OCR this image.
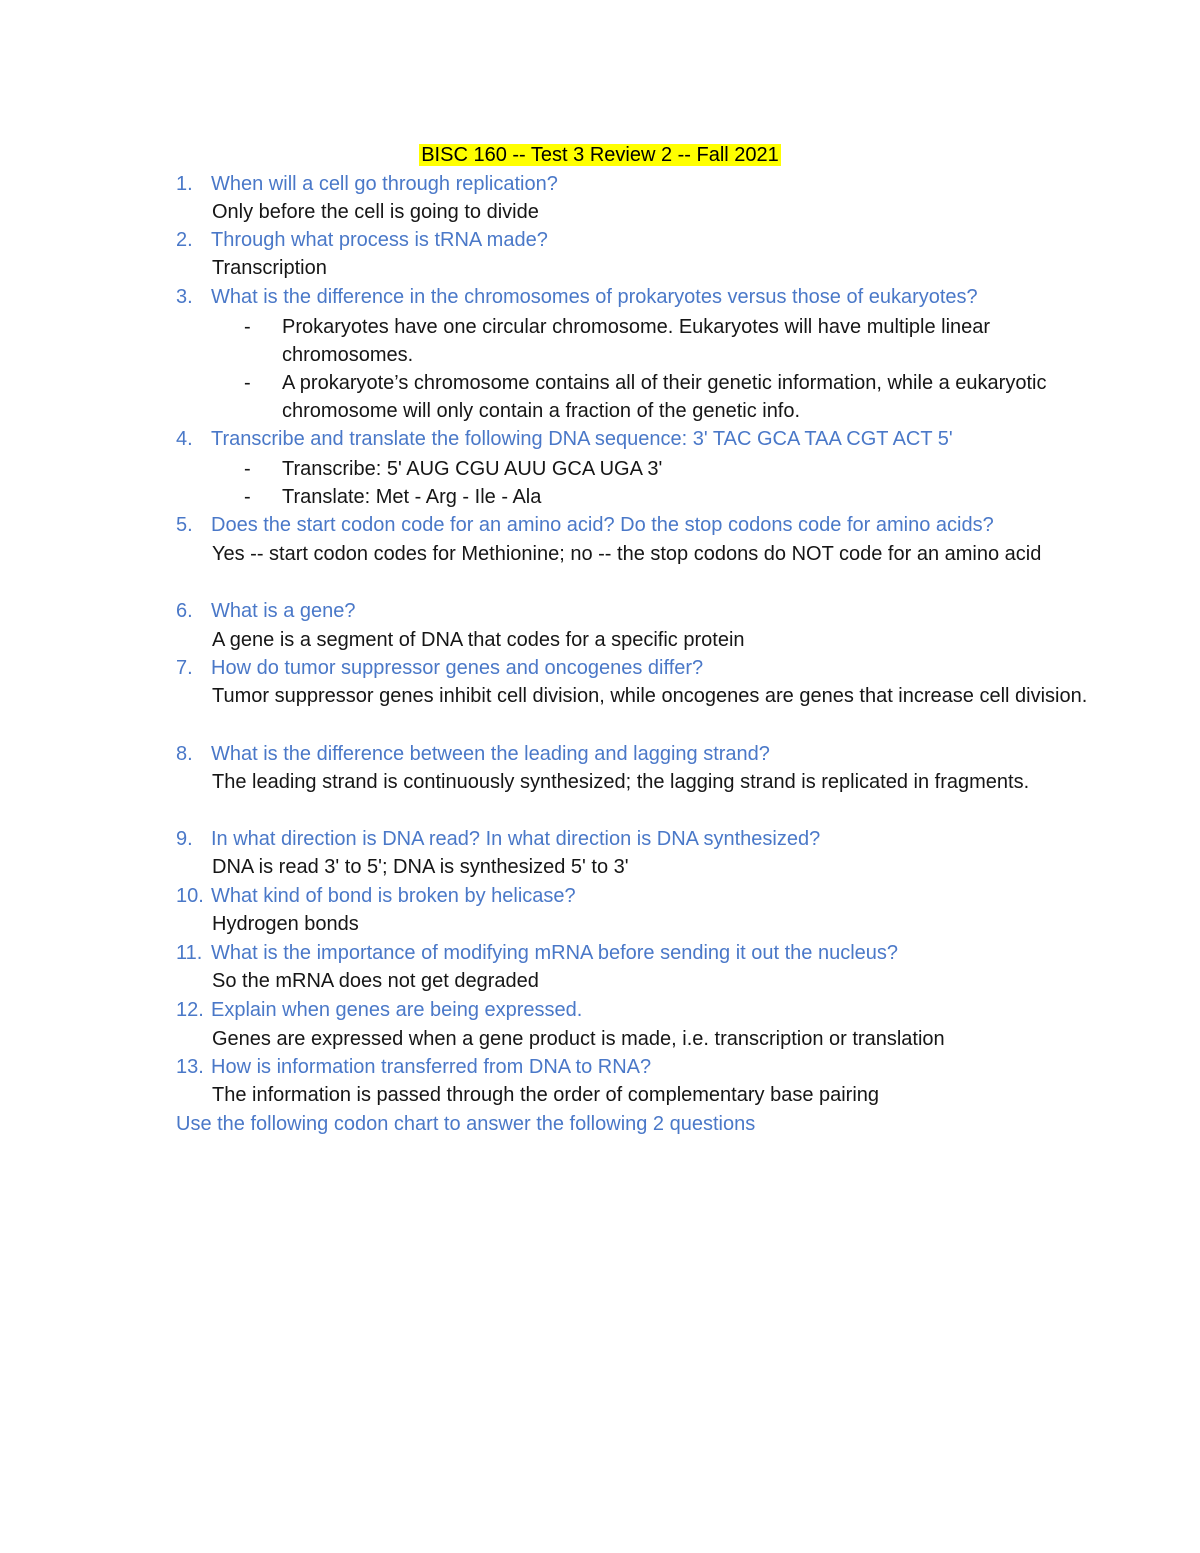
BISC 160 -- Test 3 Review 2 -- Fall 2021
1. When will a cell go through replication?
Only before the cell is going to divide
2. Through what process is tRNA made?
Transcription
3. What is the difference in the chromosomes of prokaryotes versus those of eukaryotes?
-	Prokaryotes have one circular chromosome. Eukaryotes will have multiple linear chromosomes.
-	A prokaryote’s chromosome contains all of their genetic information, while a eukaryotic chromosome will only contain a fraction of the genetic info.
4. Transcribe and translate the following DNA sequence: 3' TAC GCA TAA CGT ACT 5'
-	Transcribe: 5' AUG CGU AUU GCA UGA 3'
-	Translate: Met - Arg - Ile - Ala
5. Does the start codon code for an amino acid? Do the stop codons code for amino acids?
Yes -- start codon codes for Methionine; no -- the stop codons do NOT code for an amino acid
6. What is a gene?
A gene is a segment of DNA that codes for a specific protein
7. How do tumor suppressor genes and oncogenes differ?
Tumor suppressor genes inhibit cell division, while oncogenes are genes that increase cell division.
8. What is the difference between the leading and lagging strand?
The leading strand is continuously synthesized; the lagging strand is replicated in fragments.
9. In what direction is DNA read? In what direction is DNA synthesized?
DNA is read 3' to 5'; DNA is synthesized 5' to 3'
10. What kind of bond is broken by helicase?
Hydrogen bonds
11. What is the importance of modifying mRNA before sending it out the nucleus?
So the mRNA does not get degraded
12. Explain when genes are being expressed.
Genes are expressed when a gene product is made, i.e. transcription or translation
13. How is information transferred from DNA to RNA?
The information is passed through the order of complementary base pairing
Use the following codon chart to answer the following 2 questions
